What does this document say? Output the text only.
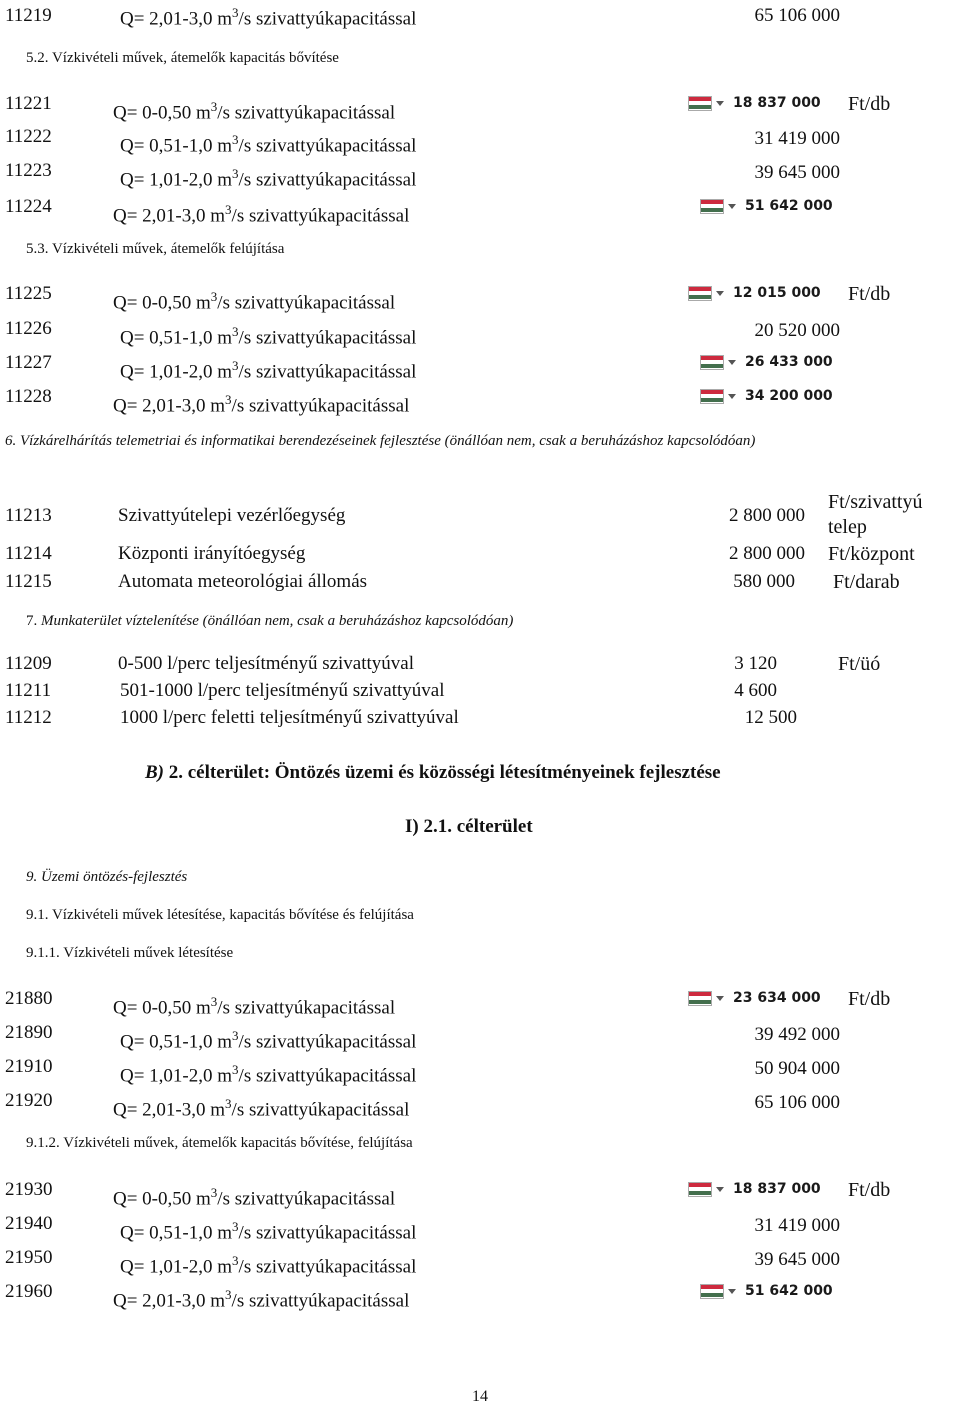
11219	Q= 2,01-3,0 $m^3/s$ szivattyúkapacitással	65 106 000
5.2. Vízkivételi művek, átemelők kapacitás bővítése
11221	Q= 0-0,50 $m^3/s$ szivattyúkapacitással	18 837 000 Ft/db
11222	Q= 0,51-1,0 $m^3/s$ szivattyúkapacitással	31 419 000
11223	Q= 1,01-2,0 $m^3/s$ szivattyúkapacitással	39 645 000
11224	Q= 2,01-3,0 $m^3/s$ szivattyúkapacitással	51 642 000
5.3. Vízkivételi művek, átemelők felújítása
11225	Q= 0-0,50 $m^3/s$ szivattyúkapacitással	12 015 000 Ft/db
11226	Q= 0,51-1,0 $m^3/s$ szivattyúkapacitással	20 520 000
11227	Q= 1,01-2,0 $m^3/s$ szivattyúkapacitással	26 433 000
11228	Q= 2,01-3,0 $m^3/s$ szivattyúkapacitással	34 200 000
6. Vízkárelhárítás telemetriai és informatikai berendezéseinek fejlesztése (önállóan nem, csak a beruházáshoz kapcsolódóan)
11213	Szivattyútelepi vezérlőegység	2 800 000
Ft/szivattyú
telep
11214	Központi irányítóegység	2 800 000 Ft/központ
11215	Automata meteorológiai állomás	580 000 Ft/darab
7. Munkaterület víztelenítése (önállóan nem, csak a beruházáshoz kapcsolódóan)
11209	0-500 l/perc teljesítményű szivattyúval	3 120	Ft/üó
11211	501-1000 l/perc teljesítményű szivattyúval	4 600
11212	1000 l/perc feletti teljesítményű szivattyúval	12 500
B) 2. célterület: Öntözés üzemi és közösségi létesítményeinek fejlesztése
I) 2.1. célterület
9. Üzemi öntözés-fejlesztés
9.1. Vízkivételi művek létesítése, kapacitás bővítése és felújítása
9.1.1. Vízkivételi művek létesítése
21880	Q= 0-0,50 $m^3/s$ szivattyúkapacitással	23 634 000 Ft/db
21890	Q= 0,51-1,0 $m^3/s$ szivattyúkapacitással	39 492 000
21910	Q= 1,01-2,0 $m^3/s$ szivattyúkapacitással	50 904 000
21920	Q= 2,01-3,0 $m^3/s$ szivattyúkapacitással	65 106 000
9.1.2. Vízkivételi művek, átemelők kapacitás bővítése, felújítása
21930	Q= 0-0,50 $m^3/s$ szivattyúkapacitással	18 837 000 Ft/db
21940	Q= 0,51-1,0 $m^3/s$ szivattyúkapacitással	31 419 000
21950	Q= 1,01-2,0 $m^3/s$ szivattyúkapacitással	39 645 000
21960	Q= 2,01-3,0 $m^3/s$ szivattyúkapacitással	51 642 000
14
